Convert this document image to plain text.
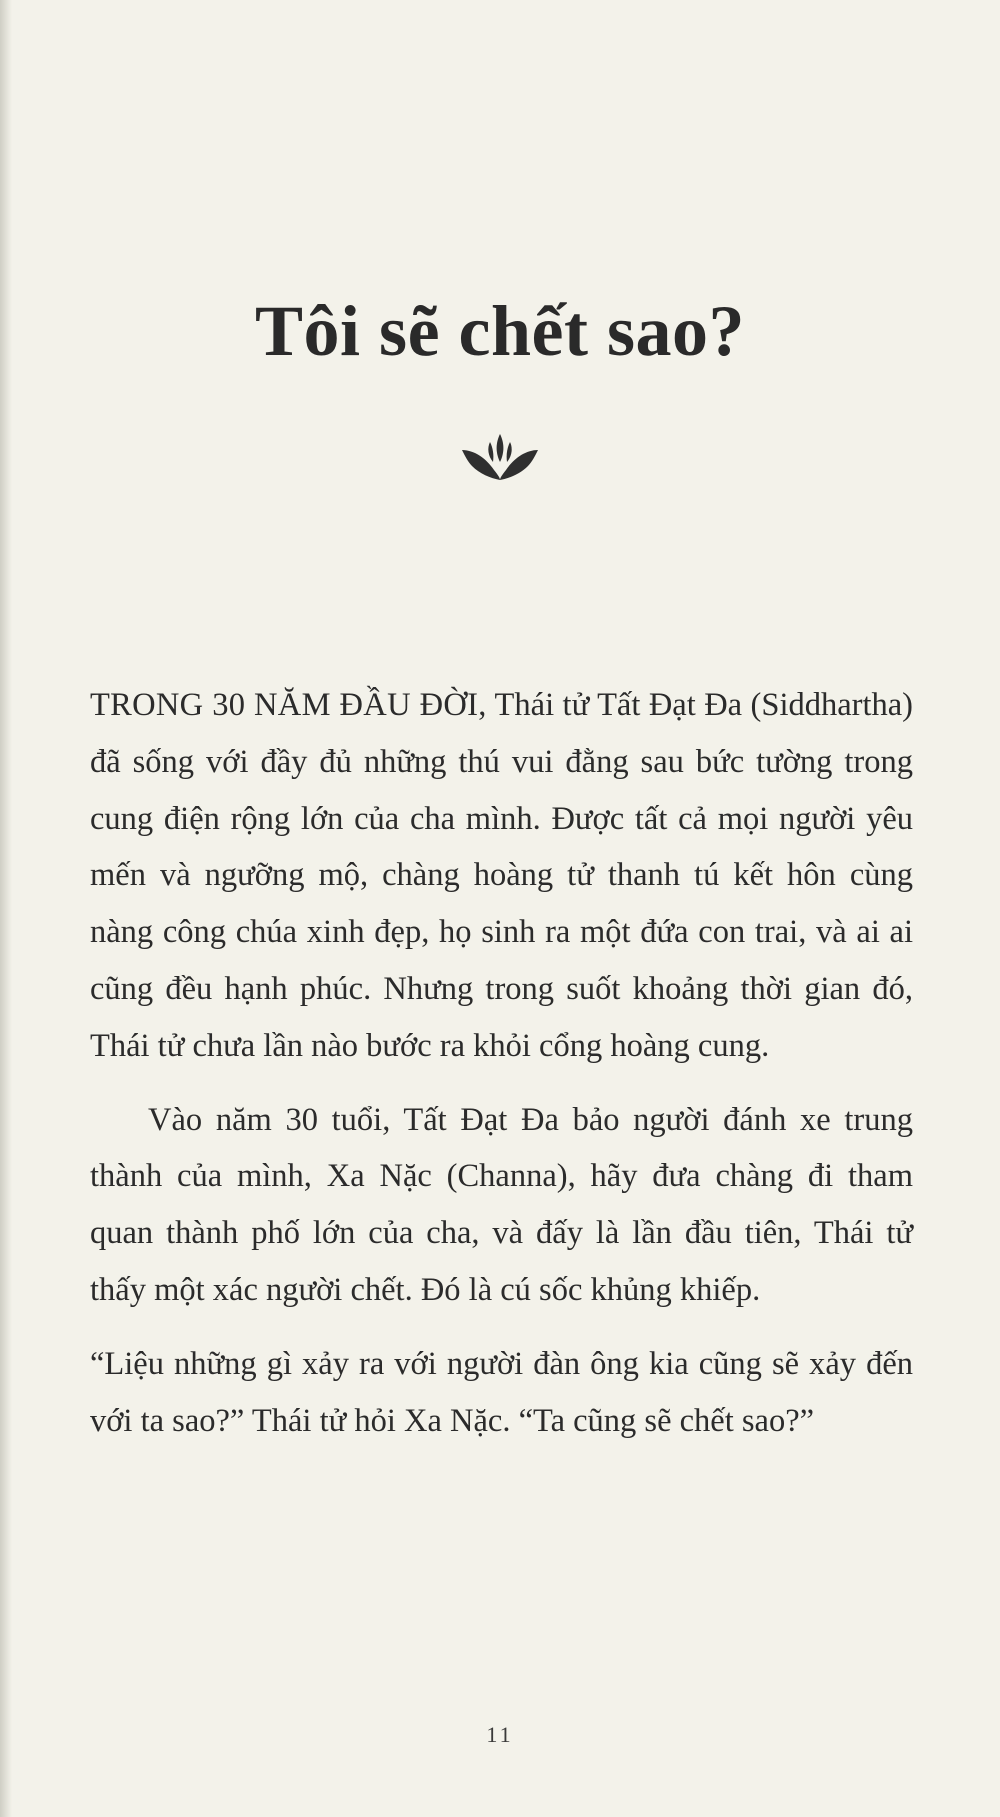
Tôi sẽ chết sao?

TRONG 30 NĂM ĐẦU ĐỜI, Thái tử Tất Đạt Đa (Siddhartha) đã sống với đầy đủ những thú vui đằng sau bức tường trong cung điện rộng lớn của cha mình. Được tất cả mọi người yêu mến và ngưỡng mộ, chàng hoàng tử thanh tú kết hôn cùng nàng công chúa xinh đẹp, họ sinh ra một đứa con trai, và ai ai cũng đều hạnh phúc. Nhưng trong suốt khoảng thời gian đó, Thái tử chưa lần nào bước ra khỏi cổng hoàng cung.

Vào năm 30 tuổi, Tất Đạt Đa bảo người đánh xe trung thành của mình, Xa Nặc (Channa), hãy đưa chàng đi tham quan thành phố lớn của cha, và đấy là lần đầu tiên, Thái tử thấy một xác người chết. Đó là cú sốc khủng khiếp.

“Liệu những gì xảy ra với người đàn ông kia cũng sẽ xảy đến với ta sao?” Thái tử hỏi Xa Nặc. “Ta cũng sẽ chết sao?”

11
